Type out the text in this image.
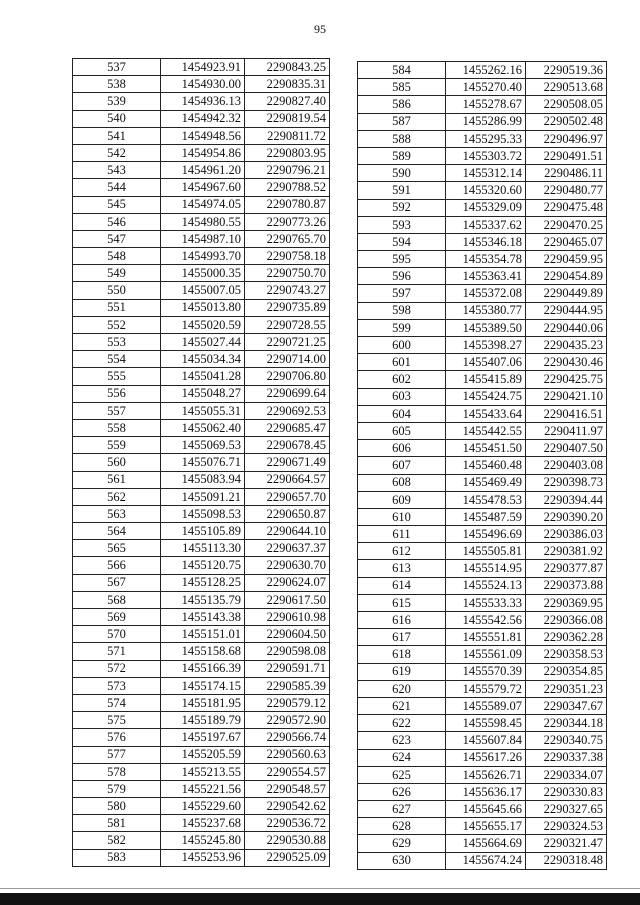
95
537	1454923.91	2290843.25
538	1454930.00	2290835.31
539	1454936.13	2290827.40
540	1454942.32	2290819.54
541	1454948.56	2290811.72
542	1454954.86	2290803.95
543	1454961.20	2290796.21
544	1454967.60	2290788.52
545	1454974.05	2290780.87
546	1454980.55	2290773.26
547	1454987.10	2290765.70
548	1454993.70	2290758.18
549	1455000.35	2290750.70
550	1455007.05	2290743.27
551	1455013.80	2290735.89
552	1455020.59	2290728.55
553	1455027.44	2290721.25
554	1455034.34	2290714.00
555	1455041.28	2290706.80
556	1455048.27	2290699.64
557	1455055.31	2290692.53
558	1455062.40	2290685.47
559	1455069.53	2290678.45
560	1455076.71	2290671.49
561	1455083.94	2290664.57
562	1455091.21	2290657.70
563	1455098.53	2290650.87
564	1455105.89	2290644.10
565	1455113.30	2290637.37
566	1455120.75	2290630.70
567	1455128.25	2290624.07
568	1455135.79	2290617.50
569	1455143.38	2290610.98
570	1455151.01	2290604.50
571	1455158.68	2290598.08
572	1455166.39	2290591.71
573	1455174.15	2290585.39
574	1455181.95	2290579.12
575	1455189.79	2290572.90
576	1455197.67	2290566.74
577	1455205.59	2290560.63
578	1455213.55	2290554.57
579	1455221.56	2290548.57
580	1455229.60	2290542.62
581	1455237.68	2290536.72
582	1455245.80	2290530.88
583	1455253.96	2290525.09
584	1455262.16	2290519.36
585	1455270.40	2290513.68
586	1455278.67	2290508.05
587	1455286.99	2290502.48
588	1455295.33	2290496.97
589	1455303.72	2290491.51
590	1455312.14	2290486.11
591	1455320.60	2290480.77
592	1455329.09	2290475.48
593	1455337.62	2290470.25
594	1455346.18	2290465.07
595	1455354.78	2290459.95
596	1455363.41	2290454.89
597	1455372.08	2290449.89
598	1455380.77	2290444.95
599	1455389.50	2290440.06
600	1455398.27	2290435.23
601	1455407.06	2290430.46
602	1455415.89	2290425.75
603	1455424.75	2290421.10
604	1455433.64	2290416.51
605	1455442.55	2290411.97
606	1455451.50	2290407.50
607	1455460.48	2290403.08
608	1455469.49	2290398.73
609	1455478.53	2290394.44
610	1455487.59	2290390.20
611	1455496.69	2290386.03
612	1455505.81	2290381.92
613	1455514.95	2290377.87
614	1455524.13	2290373.88
615	1455533.33	2290369.95
616	1455542.56	2290366.08
617	1455551.81	2290362.28
618	1455561.09	2290358.53
619	1455570.39	2290354.85
620	1455579.72	2290351.23
621	1455589.07	2290347.67
622	1455598.45	2290344.18
623	1455607.84	2290340.75
624	1455617.26	2290337.38
625	1455626.71	2290334.07
626	1455636.17	2290330.83
627	1455645.66	2290327.65
628	1455655.17	2290324.53
629	1455664.69	2290321.47
630	1455674.24	2290318.48
